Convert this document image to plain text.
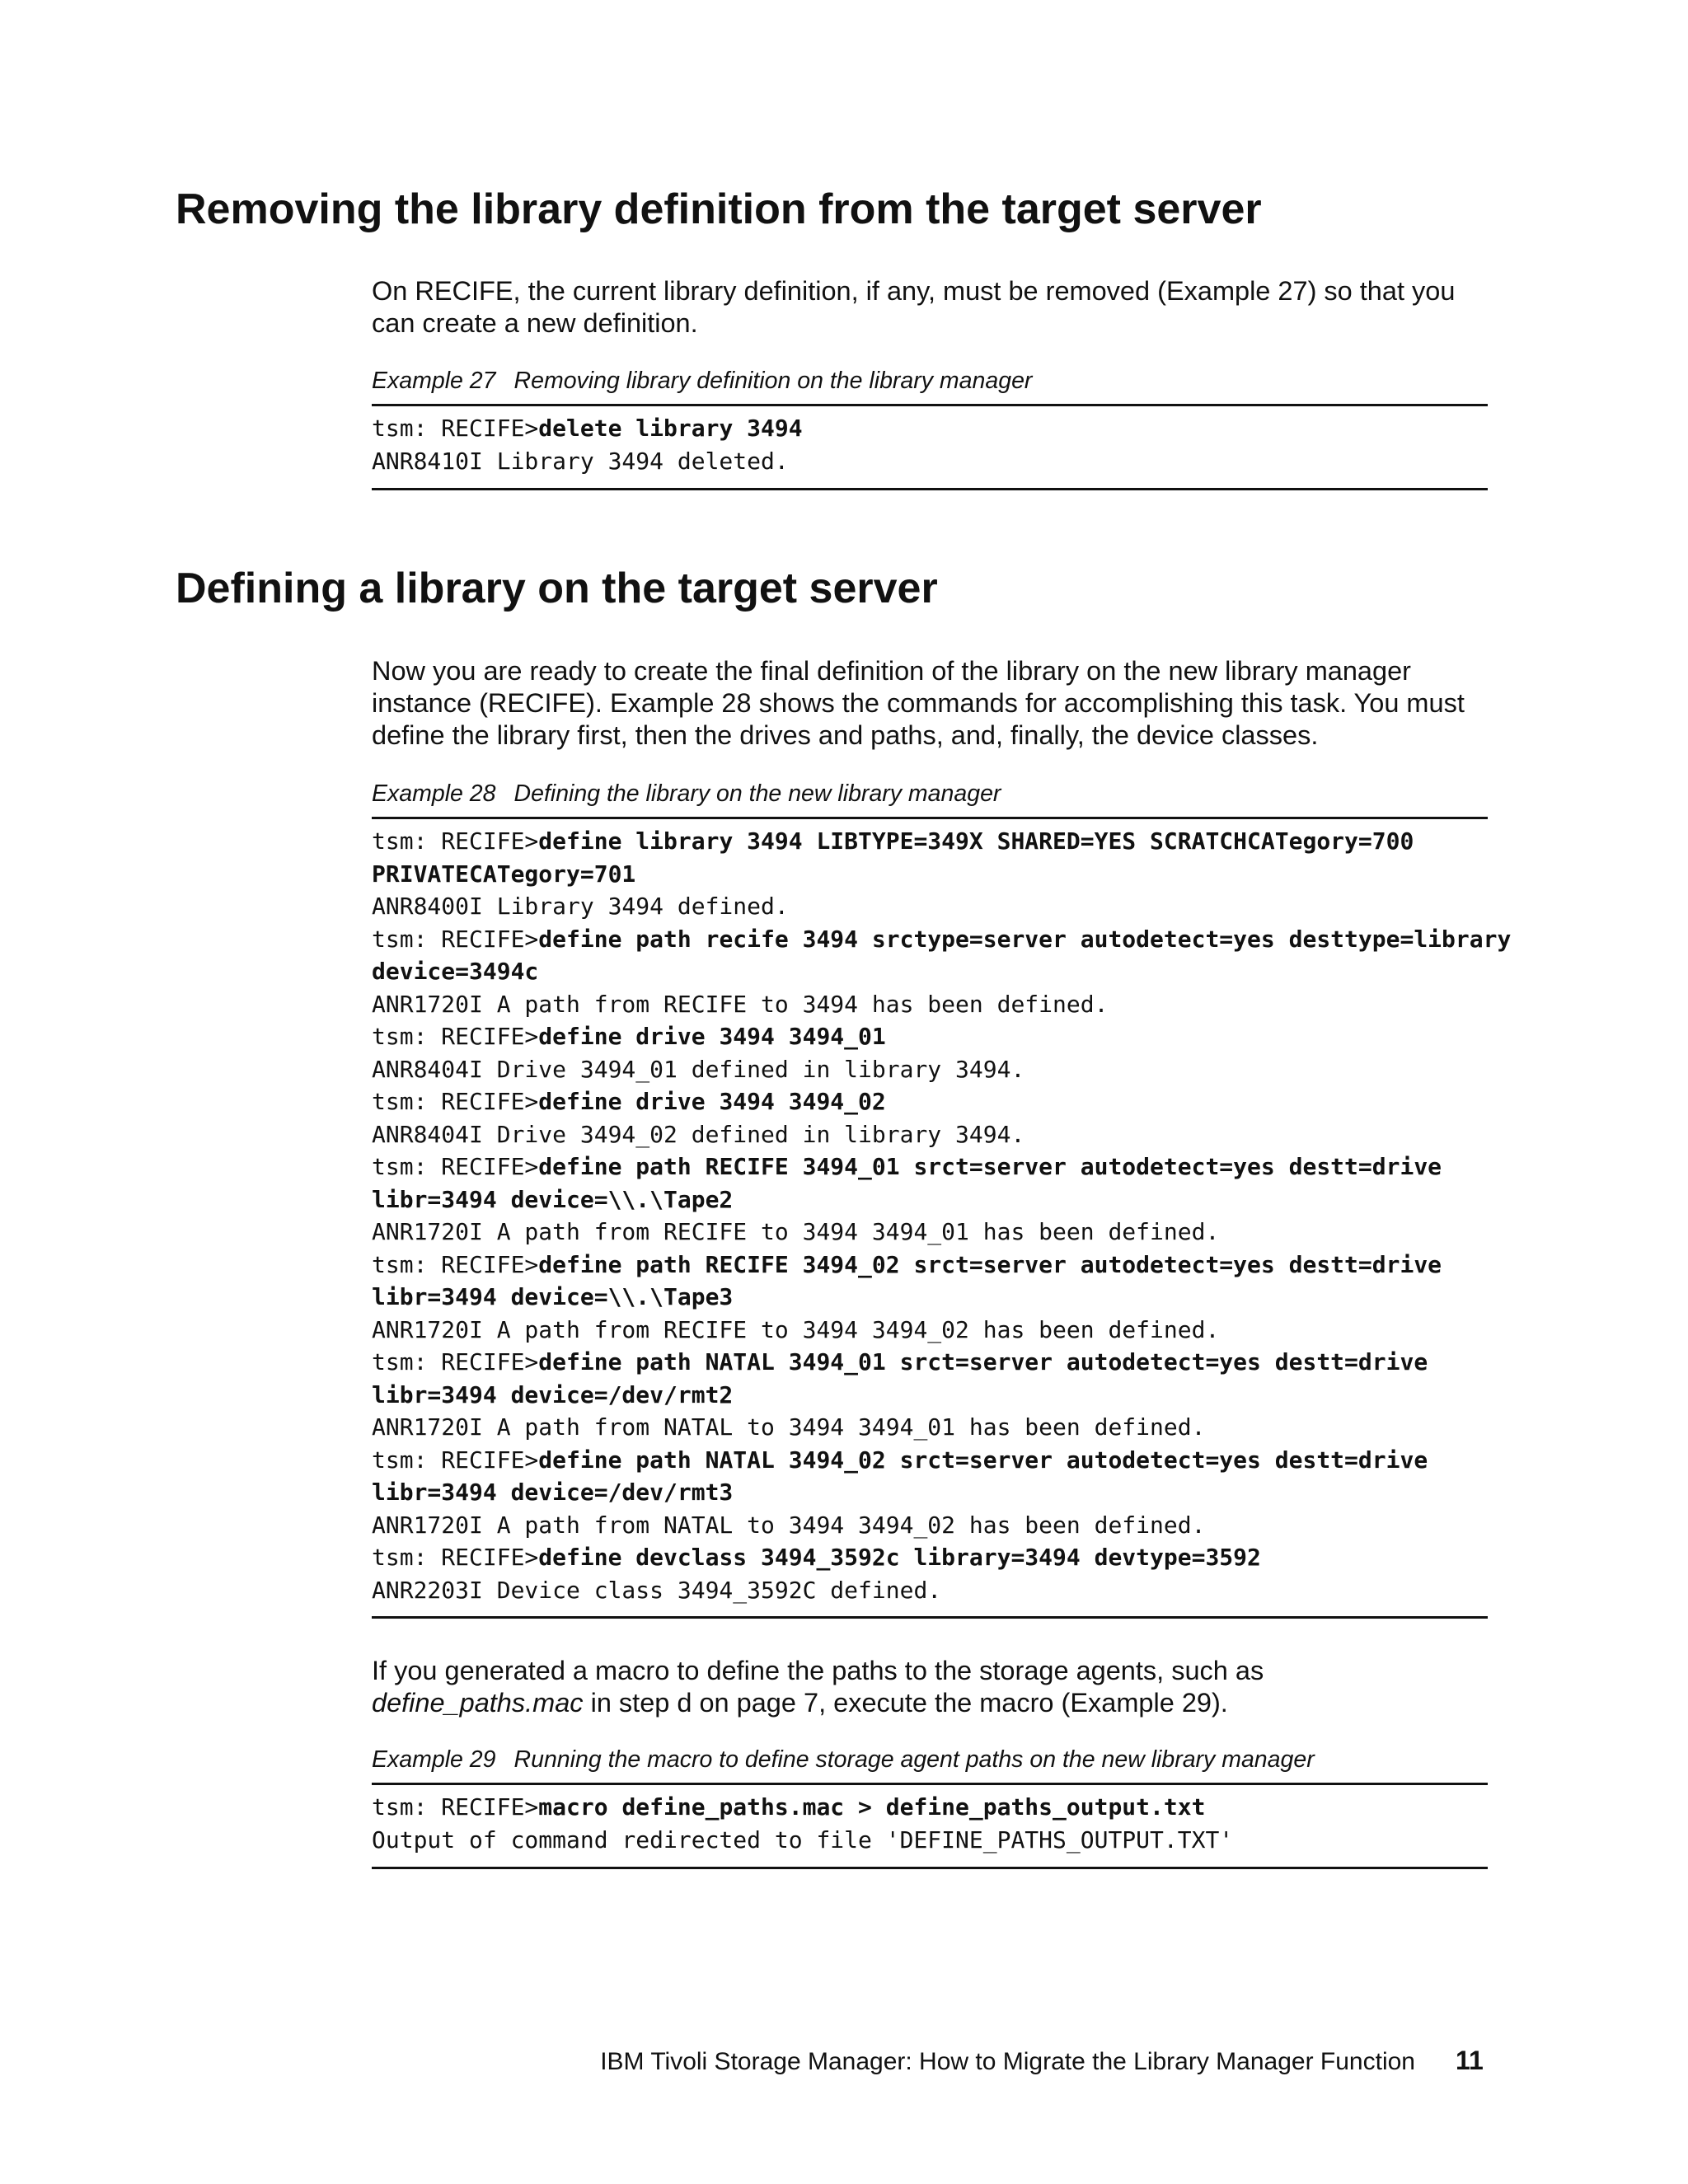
Removing the library definition from the target server

On RECIFE, the current library definition, if any, must be removed (Example 27) so that you can create a new definition.

Example 27 Removing library definition on the library manager
tsm: RECIFE>delete library 3494
ANR8410I Library 3494 deleted.
Defining a library on the target server

Now you are ready to create the final definition of the library on the new library manager instance (RECIFE). Example 28 shows the commands for accomplishing this task. You must define the library first, then the drives and paths, and, finally, the device classes.

Example 28 Defining the library on the new library manager
tsm: RECIFE>define library 3494 LIBTYPE=349X SHARED=YES SCRATCHCATegory=700
PRIVATECATegory=701
ANR8400I Library 3494 defined.
tsm: RECIFE>define path recife 3494 srctype=server autodetect=yes desttype=library
device=3494c
ANR1720I A path from RECIFE to 3494 has been defined.
tsm: RECIFE>define drive 3494 3494_01
ANR8404I Drive 3494_01 defined in library 3494.
tsm: RECIFE>define drive 3494 3494_02
ANR8404I Drive 3494_02 defined in library 3494.
tsm: RECIFE>define path RECIFE 3494_01 srct=server autodetect=yes destt=drive
libr=3494 device=\\.\Tape2
ANR1720I A path from RECIFE to 3494 3494_01 has been defined.
tsm: RECIFE>define path RECIFE 3494_02 srct=server autodetect=yes destt=drive
libr=3494 device=\\.\Tape3
ANR1720I A path from RECIFE to 3494 3494_02 has been defined.
tsm: RECIFE>define path NATAL 3494_01 srct=server autodetect=yes destt=drive
libr=3494 device=/dev/rmt2
ANR1720I A path from NATAL to 3494 3494_01 has been defined.
tsm: RECIFE>define path NATAL 3494_02 srct=server autodetect=yes destt=drive
libr=3494 device=/dev/rmt3
ANR1720I A path from NATAL to 3494 3494_02 has been defined.
tsm: RECIFE>define devclass 3494_3592c library=3494 devtype=3592
ANR2203I Device class 3494_3592C defined.

If you generated a macro to define the paths to the storage agents, such as
define_paths.mac in step d on page 7, execute the macro (Example 29).

Example 29 Running the macro to define storage agent paths on the new library manager
tsm: RECIFE>macro define_paths.mac > define_paths_output.txt
Output of command redirected to file 'DEFINE_PATHS_OUTPUT.TXT'
IBM Tivoli Storage Manager: How to Migrate the Library Manager Function 11
